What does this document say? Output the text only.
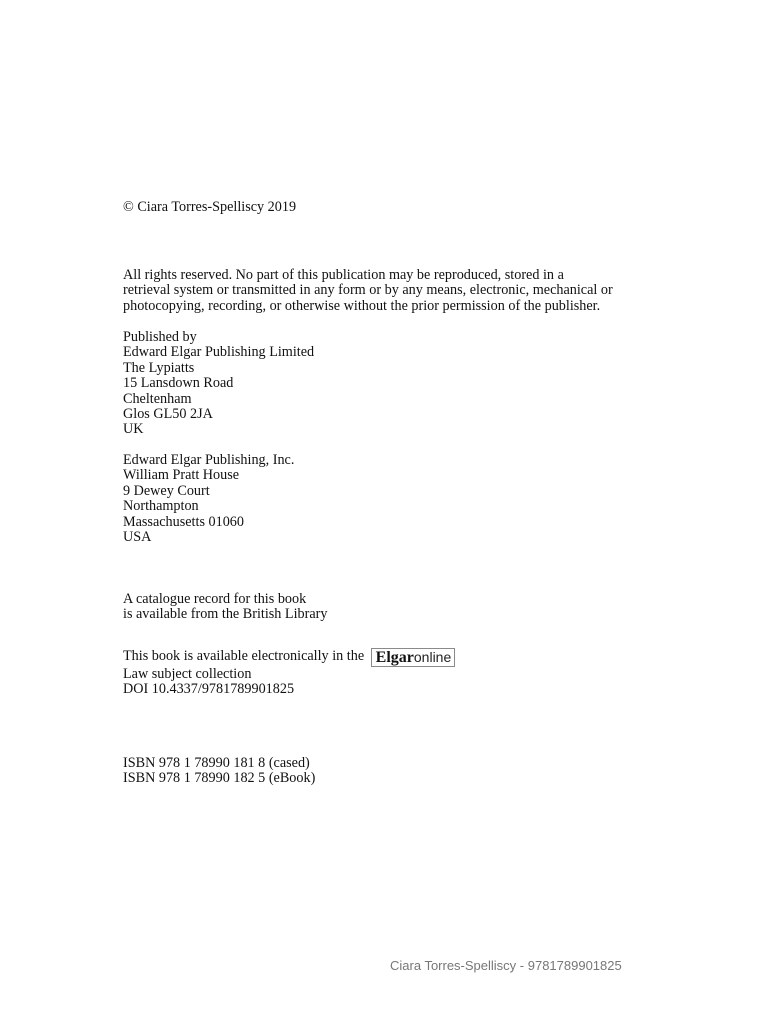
© Ciara Torres-Spelliscy 2019
All rights reserved. No part of this publication may be reproduced, stored in a
retrieval system or transmitted in any form or by any means, electronic, mechanical or
photocopying, recording, or otherwise without the prior permission of the publisher.
Published by
Edward Elgar Publishing Limited
The Lypiatts
15 Lansdown Road
Cheltenham
Glos GL50 2JA
UK
Edward Elgar Publishing, Inc.
William Pratt House
9 Dewey Court
Northampton
Massachusetts 01060
USA
A catalogue record for this book
is available from the British Library
This book is available electronically in the Elgaronline
Law subject collection
DOI 10.4337/9781789901825
ISBN 978 1 78990 181 8 (cased)
ISBN 978 1 78990 182 5 (eBook)
Ciara Torres-Spelliscy - 9781789901825
